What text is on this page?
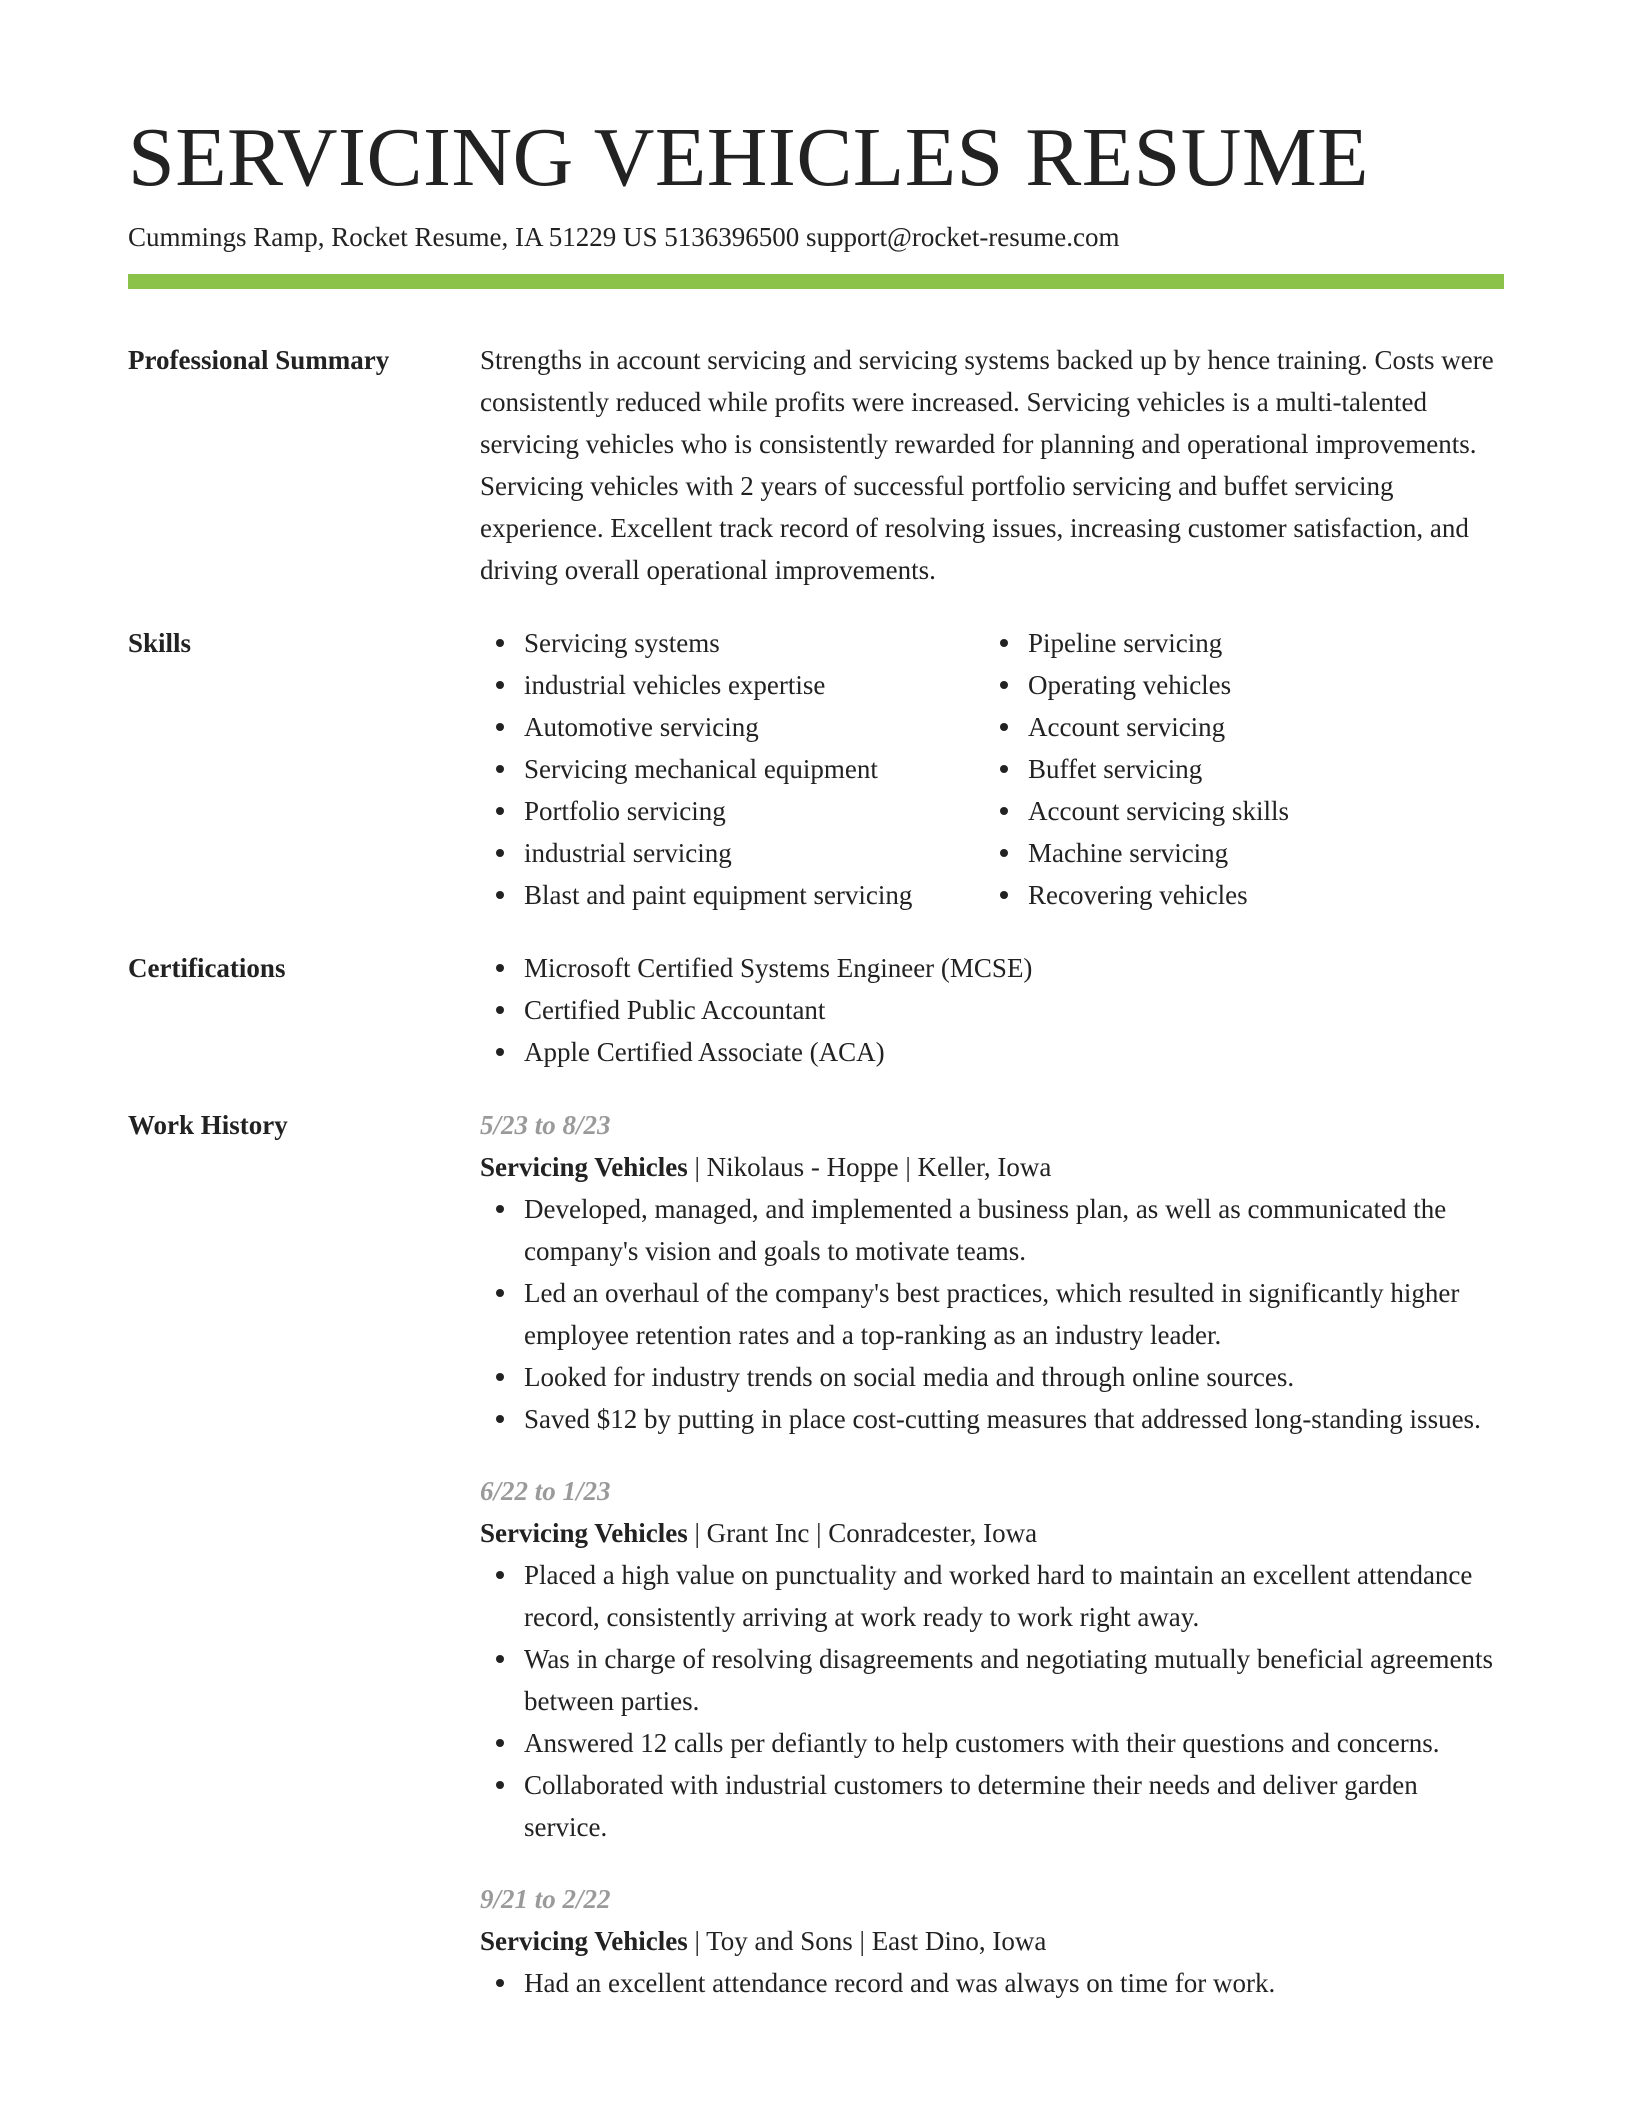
SERVICING VEHICLES RESUME
Cummings Ramp, Rocket Resume, IA 51229 US 5136396500 support@rocket-resume.com
Professional Summary	Strengths in account servicing and servicing systems backed up by hence training. Costs were consistently reduced while profits were increased. Servicing vehicles is a multi-talented servicing vehicles who is consistently rewarded for planning and operational improvements. Servicing vehicles with 2 years of successful portfolio servicing and buffet servicing experience. Excellent track record of resolving issues, increasing customer satisfaction, and driving overall operational improvements.

Skills	Servicing systems
industrial vehicles expertise
Automotive servicing
Servicing mechanical equipment
Portfolio servicing
industrial servicing
Blast and paint equipment servicing
Pipeline servicing
Operating vehicles
Account servicing
Buffet servicing
Account servicing skills
Machine servicing
Recovering vehicles
Certifications	Microsoft Certified Systems Engineer (MCSE)
Certified Public Accountant
Apple Certified Associate (ACA)
Work History	5/23 to 8/23
Servicing Vehicles | Nikolaus - Hoppe | Keller, Iowa
Developed, managed, and implemented a business plan, as well as communicated the company's vision and goals to motivate teams.
Led an overhaul of the company's best practices, which resulted in significantly higher employee retention rates and a top-ranking as an industry leader.
Looked for industry trends on social media and through online sources.
Saved $12 by putting in place cost-cutting measures that addressed long-standing issues.
6/22 to 1/23
Servicing Vehicles | Grant Inc | Conradcester, Iowa
Placed a high value on punctuality and worked hard to maintain an excellent attendance record, consistently arriving at work ready to work right away.
Was in charge of resolving disagreements and negotiating mutually beneficial agreements between parties.
Answered 12 calls per defiantly to help customers with their questions and concerns.
Collaborated with industrial customers to determine their needs and deliver garden service.
9/21 to 2/22
Servicing Vehicles | Toy and Sons | East Dino, Iowa
Had an excellent attendance record and was always on time for work.
